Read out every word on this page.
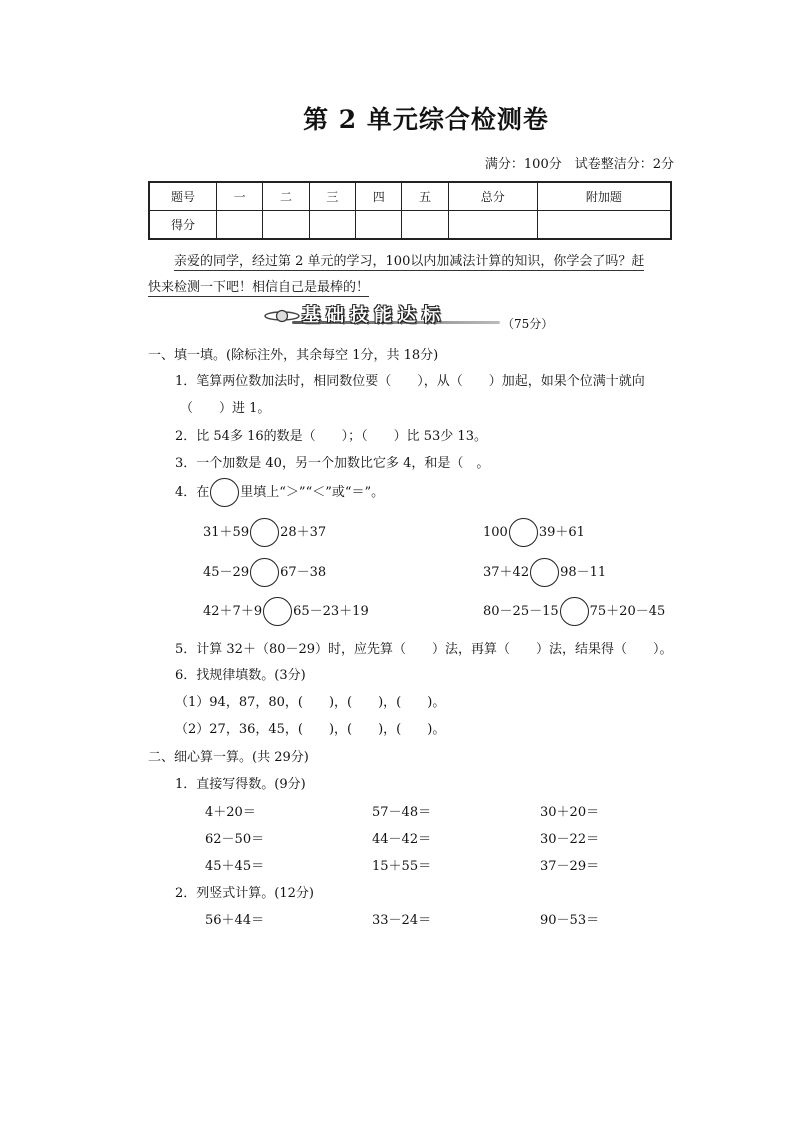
第 2 单元综合检测卷
满分：100分　试卷整洁分：2分
题号	一	二	三	四	五	总分	附加题
得分							
亲爱的同学，经过第 2 单元的学习，100以内加减法计算的知识，你学会了吗？赶
快来检测一下吧！相信自己是最棒的！
基础技能达标	（75分）
一、填一填。(除标注外，其余每空 1分，共 18分)
1．笔算两位数加法时，相同数位要（　　），从（　　）加起，如果个位满十就向
（　　）进 1。
2．比 54多 16的数是（　　）；（　　）比 53少 13。
3．一个加数是 40，另一个加数比它多 4，和是（　。
4．在 里填上“＞”“＜”或“＝”。
31＋59 28＋37	100 39＋61
45－29 67－38	37＋42 98－11
42＋7＋9 65－23＋19	80－25－15 75＋20－45
5．计算 32＋（80－29）时，应先算（　　）法，再算（　　）法，结果得（　　）。
6．找规律填数。(3分)
（1）94，87，80，(　　)，(　　)，(　　)。
（2）27，36，45，(　　)，(　　)，(　　)。
二、细心算一算。(共 29分)
1．直接写得数。(9分)
4＋20＝	57－48＝	30＋20＝
62－50＝	44－42＝	30－22＝
45＋45＝	15＋55＝	37－29＝
2．列竖式计算。(12分)
56＋44＝	33－24＝	90－53＝
